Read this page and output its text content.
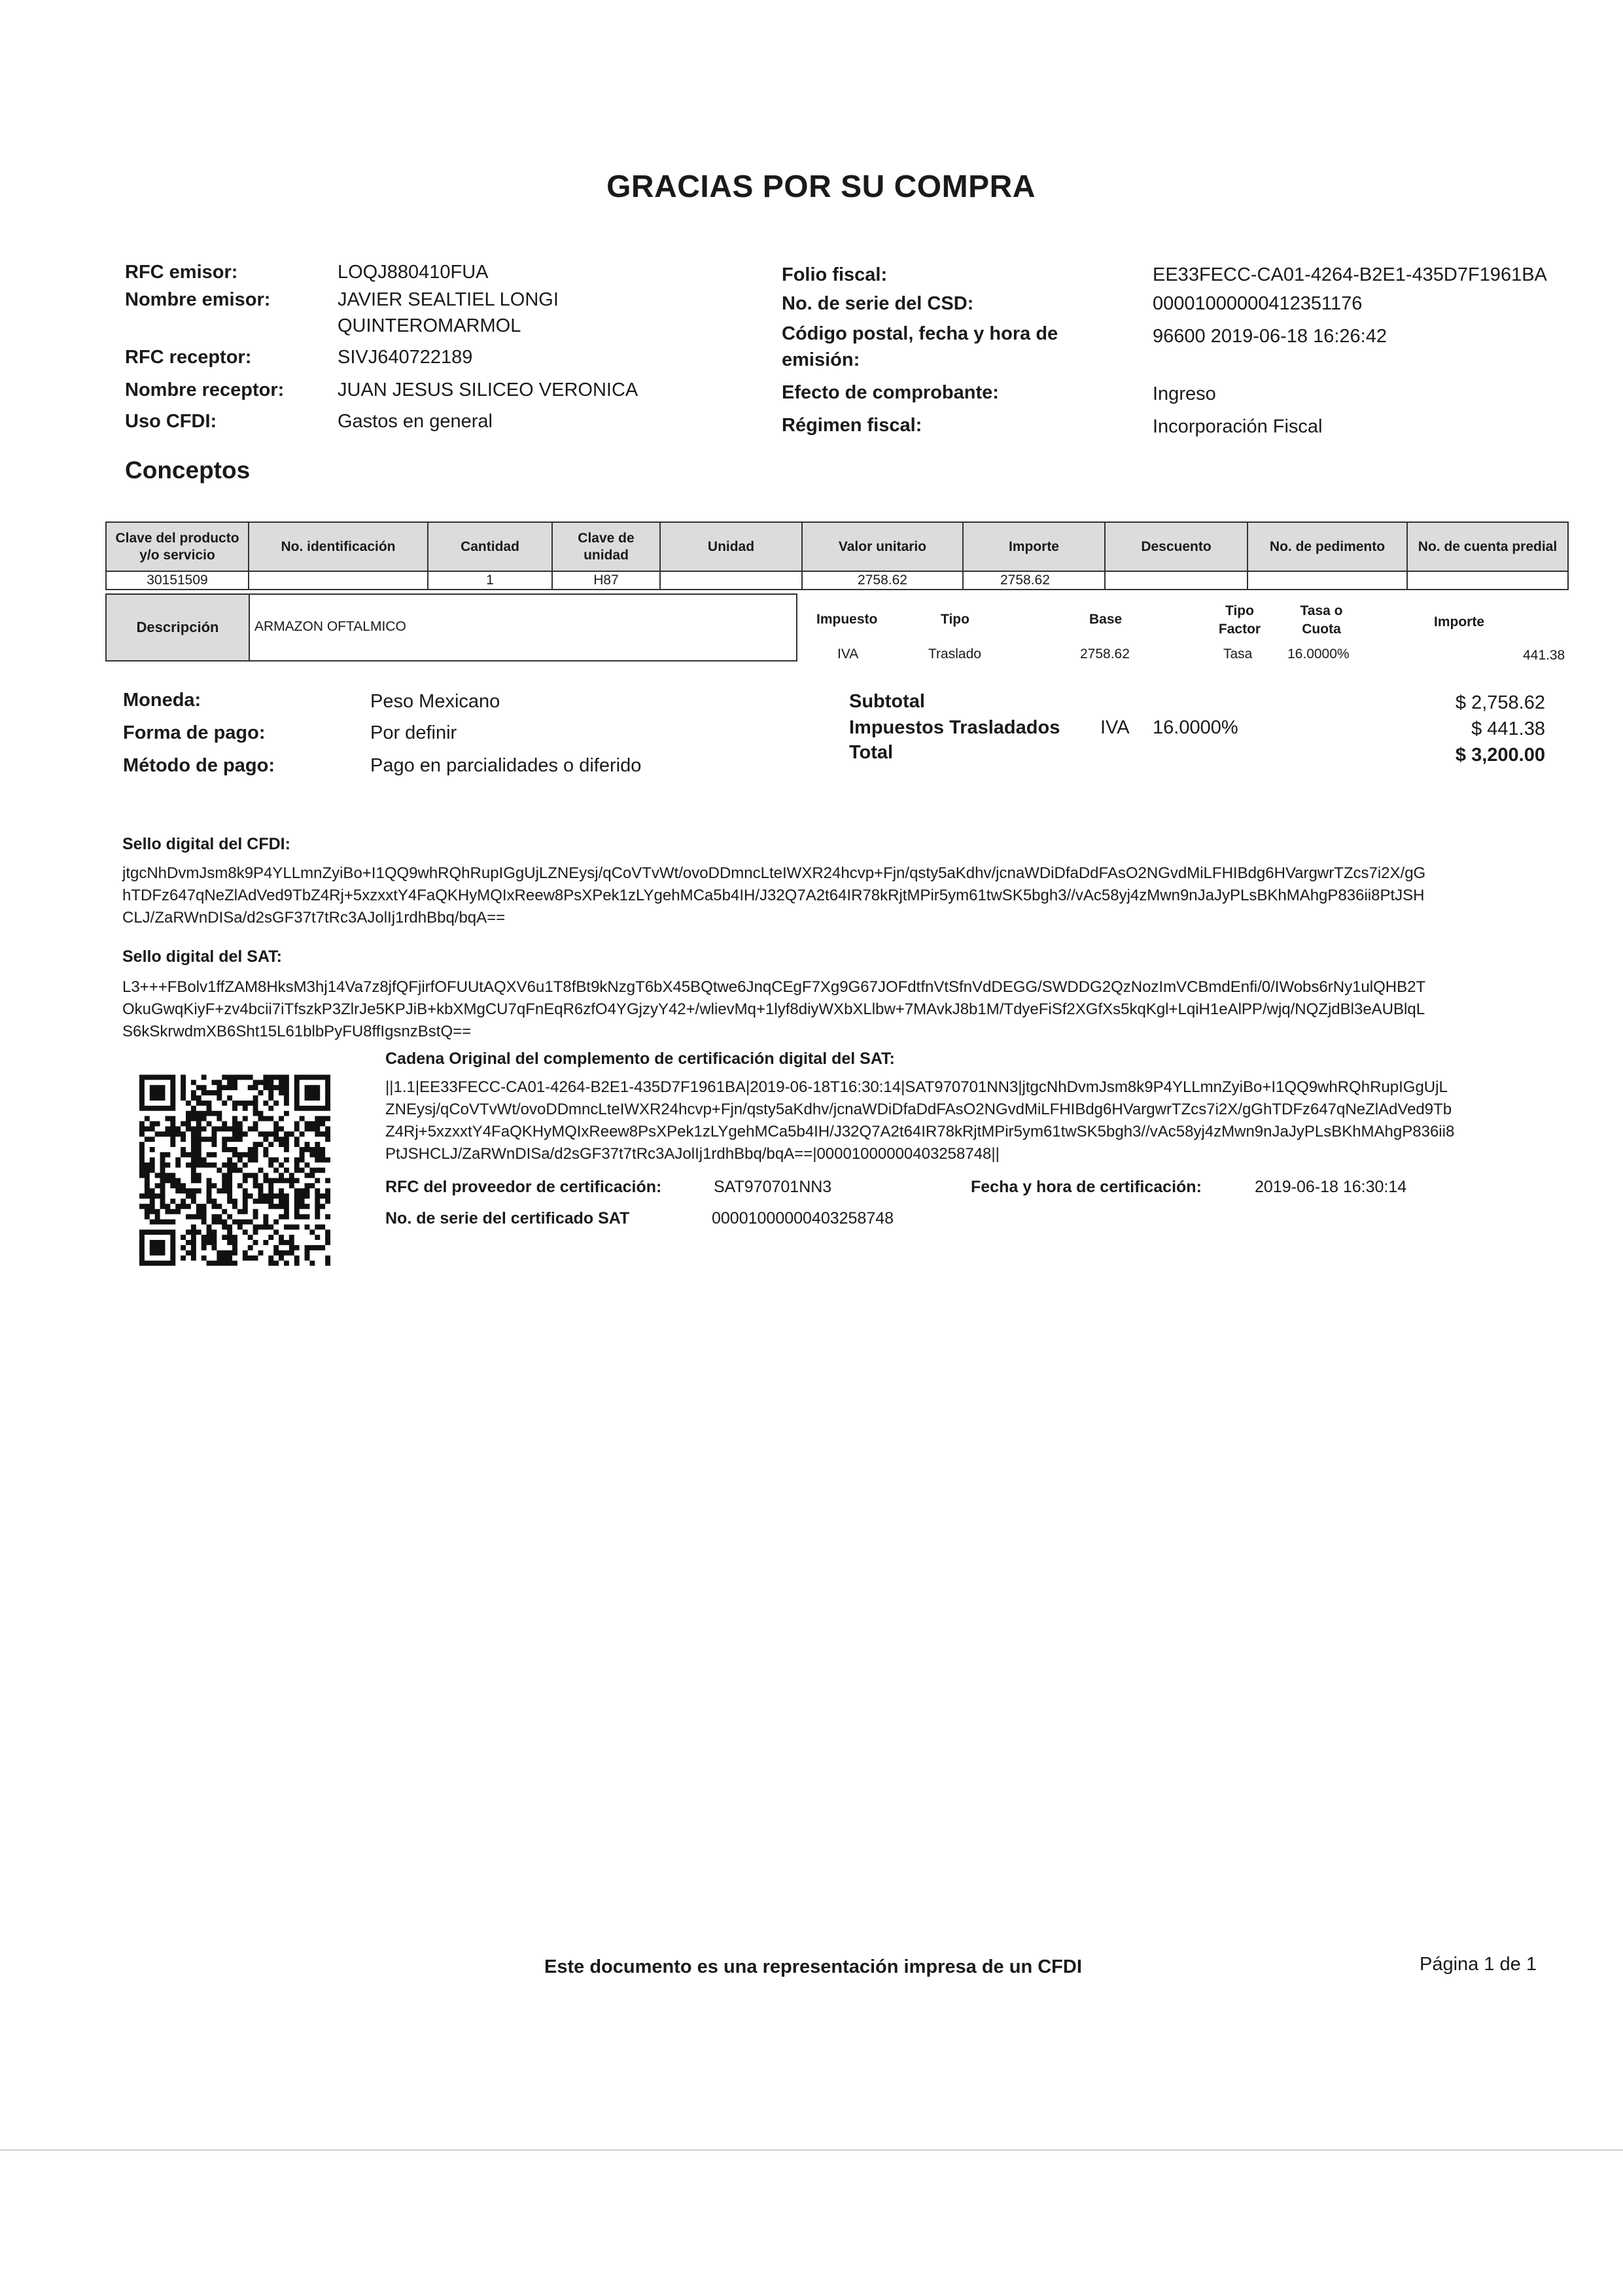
GRACIAS POR SU COMPRA
RFC emisor:	LOQJ880410FUA
Nombre emisor:	JAVIER SEALTIEL LONGI
QUINTEROMARMOL
RFC receptor:	SIVJ640722189
Nombre receptor:	JUAN JESUS SILICEO VERONICA
Uso CFDI:	Gastos en general
Folio fiscal:	EE33FECC-CA01-4264-B2E1-435D7F1961BA
No. de serie del CSD:	00001000000412351176
Código postal, fecha y hora de
emisión:
96600 2019-06-18 16:26:42
Efecto de comprobante:	Ingreso
Régimen fiscal:	Incorporación Fiscal
Conceptos
Clave del producto
y/o servicio	No. identificación	Cantidad	Clave de
unidad	Unidad	Valor unitario	Importe	Descuento	No. de pedimento	No. de cuenta predial
30151509		1	H87		2758.62	2758.62			
Descripción	ARMAZON OFTALMICO	Impuesto	Tipo	Base
Tipo
Factor
Tasa o
Cuota	Importe
IVA	Traslado	2758.62	Tasa	16.0000%	441.38
Moneda:	Peso Mexicano
Forma de pago:	Por definir
Método de pago:	Pago en parcialidades o diferido
Subtotal	$ 2,758.62
Impuestos Trasladados IVA 16.0000%	$ 441.38
Total	$ 3,200.00
Sello digital del CFDI:
jtgcNhDvmJsm8k9P4YLLmnZyiBo+I1QQ9whRQhRupIGgUjLZNEysj/qCoVTvWt/ovoDDmncLteIWXR24hcvp+Fjn/qsty5aKdhv/jcnaWDiDfaDdFAsO2NGvdMiLFHIBdg6HVargwrTZcs7i2X/gG
hTDFz647qNeZlAdVed9TbZ4Rj+5xzxxtY4FaQKHyMQIxReew8PsXPek1zLYgehMCa5b4IH/J32Q7A2t64IR78kRjtMPir5ym61twSK5bgh3//vAc58yj4zMwn9nJaJyPLsBKhMAhgP836ii8PtJSH
CLJ/ZaRWnDISa/d2sGF37t7tRc3AJolIj1rdhBbq/bqA==
Sello digital del SAT:
L3+++FBolv1ffZAM8HksM3hj14Va7z8jfQFjirfOFUUtAQXV6u1T8fBt9kNzgT6bX45BQtwe6JnqCEgF7Xg9G67JOFdtfnVtSfnVdDEGG/SWDDG2QzNozImVCBmdEnfi/0/IWobs6rNy1ulQHB2T
OkuGwqKiyF+zv4bcii7iTfszkP3ZlrJe5KPJiB+kbXMgCU7qFnEqR6zfO4YGjzyY42+/wlievMq+1lyf8diyWXbXLlbw+7MAvkJ8b1M/TdyeFiSf2XGfXs5kqKgl+LqiH1eAlPP/wjq/NQZjdBl3eAUBlqL
S6kSkrwdmXB6Sht15L61blbPyFU8ffIgsnzBstQ==
Cadena Original del complemento de certificación digital del SAT:
||1.1|EE33FECC-CA01-4264-B2E1-435D7F1961BA|2019-06-18T16:30:14|SAT970701NN3|jtgcNhDvmJsm8k9P4YLLmnZyiBo+I1QQ9whRQhRupIGgUjL
ZNEysj/qCoVTvWt/ovoDDmncLteIWXR24hcvp+Fjn/qsty5aKdhv/jcnaWDiDfaDdFAsO2NGvdMiLFHIBdg6HVargwrTZcs7i2X/gGhTDFz647qNeZlAdVed9Tb
Z4Rj+5xzxxtY4FaQKHyMQIxReew8PsXPek1zLYgehMCa5b4IH/J32Q7A2t64IR78kRjtMPir5ym61twSK5bgh3//vAc58yj4zMwn9nJaJyPLsBKhMAhgP836ii8
PtJSHCLJ/ZaRWnDISa/d2sGF37t7tRc3AJolIj1rdhBbq/bqA==|00001000000403258748||
RFC del proveedor de certificación:	SAT970701NN3	Fecha y hora de certificación:	2019-06-18 16:30:14
No. de serie del certificado SAT	00001000000403258748
Este documento es una representación impresa de un CFDI	Página 1 de 1
